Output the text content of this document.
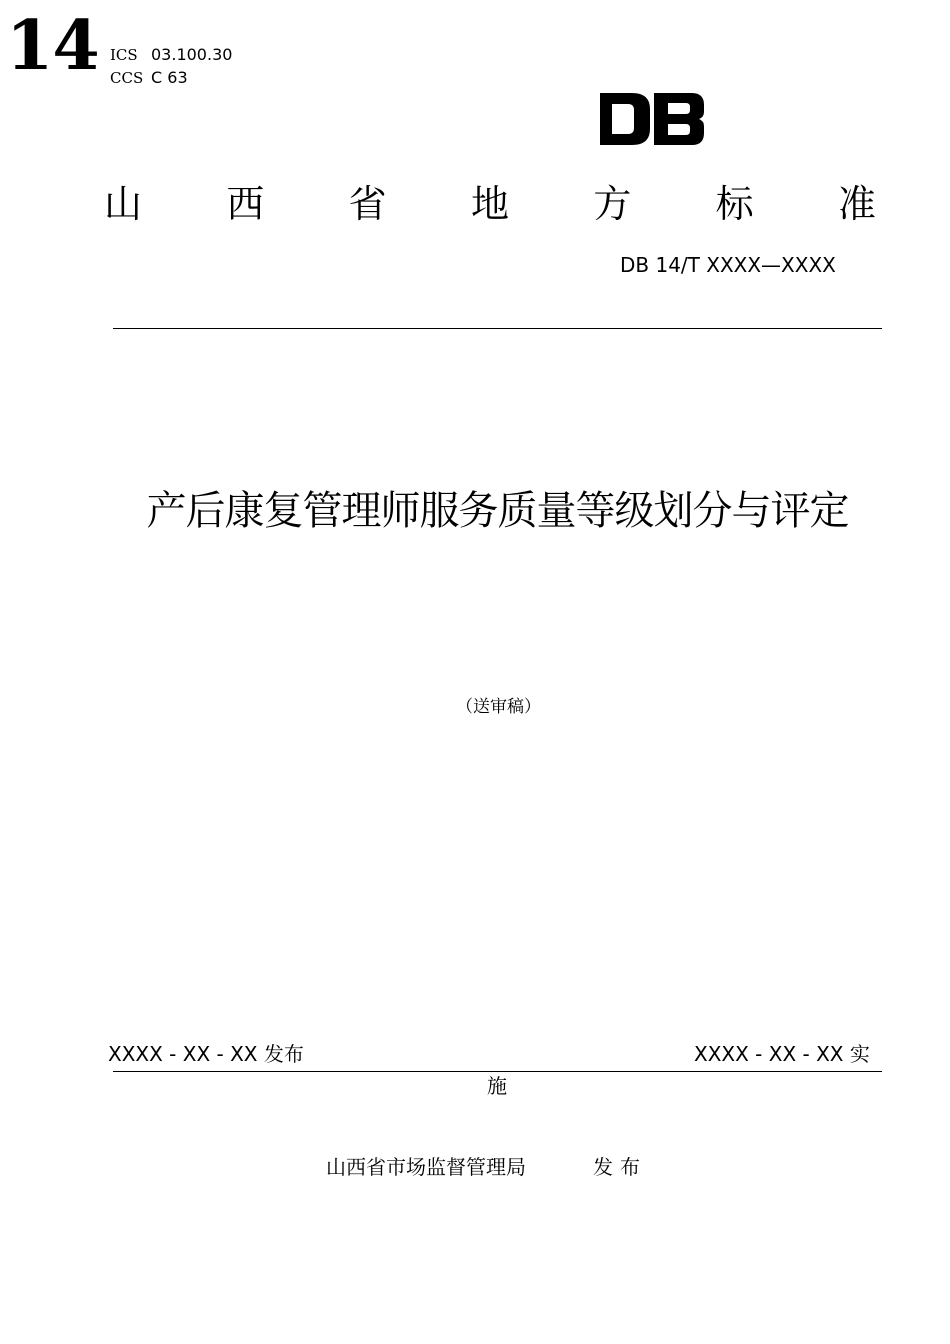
14 ICS 03.100.30
CCS C 63
山 西 省 地 方 标 准
DB 14/T XXXX—XXXX
产后康复管理师服务质量等级划分与评定
（送审稿）
XXXX - XX - XX 发布	XXXX - XX - XX 实
施
山西省市场监督管理局	发布
